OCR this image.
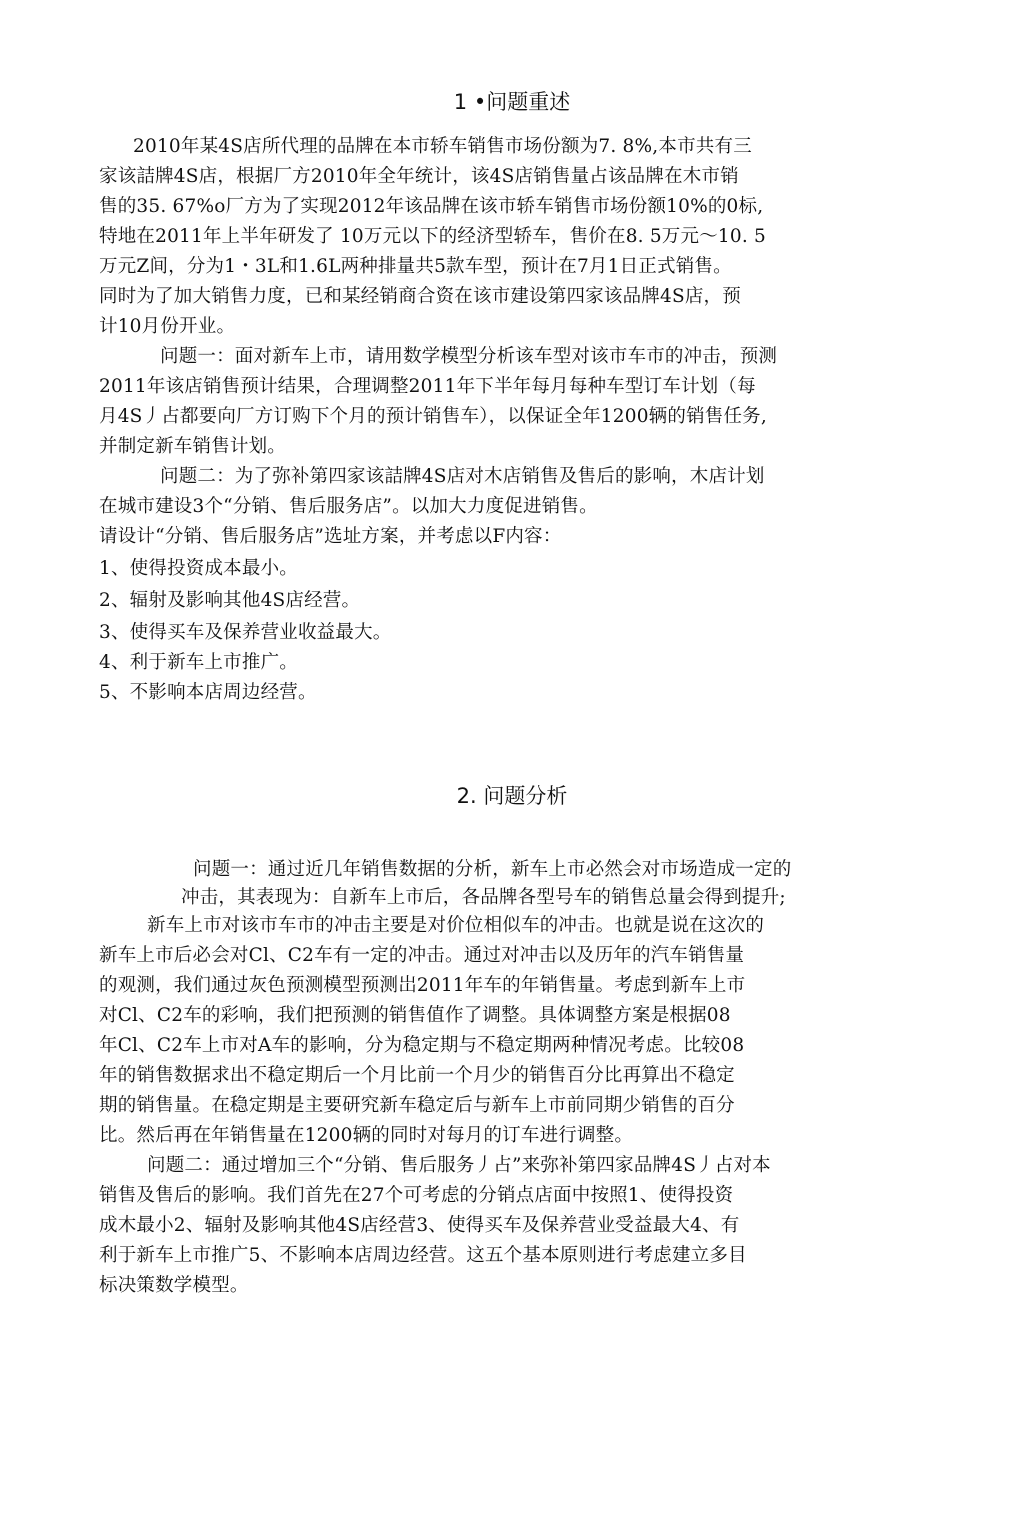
1 •问题重述
2010年某4S店所代理的品牌在本市轿车销售市场份额为7. 8%,本市共有三
家该詰牌4S店，根据厂方2010年全年统计，该4S店销售量占该品牌在木市销
售的35. 67%o厂方为了实现2012年该品牌在该市轿车销售市场份额10%的0标,
特地在2011年上半年研发了 10万元以下的经济型轿车，售价在8. 5万元〜10. 5
万元Z间，分为1・3L和1.6L两种排量共5款车型，预计在7月1日正式销售。
同时为了加大销售力度，已和某经销商合资在该市建设第四家该品牌4S店，预
计10月份开业。
问题一：面对新车上市，请用数学模型分析该车型对该市车市的冲击，预测
2011年该店销售预计结果，合理调整2011年下半年每月每种车型订车计划（每
月4S丿占都要向厂方订购下个月的预计销售车），以保证全年1200辆的销售任务,
并制定新车销售计划。
问题二：为了弥补第四家该詰牌4S店对木店销售及售后的影响，木店计划
在城市建设3个“分销、售后服务店”。以加大力度促进销售。
请设计“分销、售后服务店”选址方案，并考虑以F内容：
1、使得投资成本最小。
2、辐射及影响其他4S店经营。
3、使得买车及保养营业收益最大。
4、利于新车上市推广。
5、不影响本店周边经营。
2. 问题分析
问题一：通过近几年销售数据的分析，新车上市必然会对市场造成一定的
冲击，其表现为：自新车上市后，各品牌各型号车的销售总量会得到提升;
新车上市对该市车市的冲击主要是对价位相似车的冲击。也就是说在这次的
新车上市后必会对Cl、C2车有一定的冲击。通过对冲击以及历年的汽车销售量
的观测，我们通过灰色预测模型预测岀2011年车的年销售量。考虑到新车上市
对Cl、C2车的彩响，我们把预测的销售值作了调整。具体调整方案是根据08
年Cl、C2车上市对A车的影响，分为稳定期与不稳定期两种情况考虑。比较08
年的销售数据求出不稳定期后一个月比前一个月少的销售百分比再算出不稳定
期的销售量。在稳定期是主要研究新车稳定后与新车上市前同期少销售的百分
比。然后再在年销售量在1200辆的同时对每月的订车进行调整。
问题二：通过增加三个“分销、售后服务丿占”来弥补第四家品牌4S丿占对本
销售及售后的影响。我们首先在27个可考虑的分销点店面中按照1、使得投资
成木最小2、辐射及影响其他4S店经营3、使得买车及保养营业受益最大4、有
利于新车上市推广5、不影响本店周边经营。这五个基本原则进行考虑建立多目
标决策数学模型。
